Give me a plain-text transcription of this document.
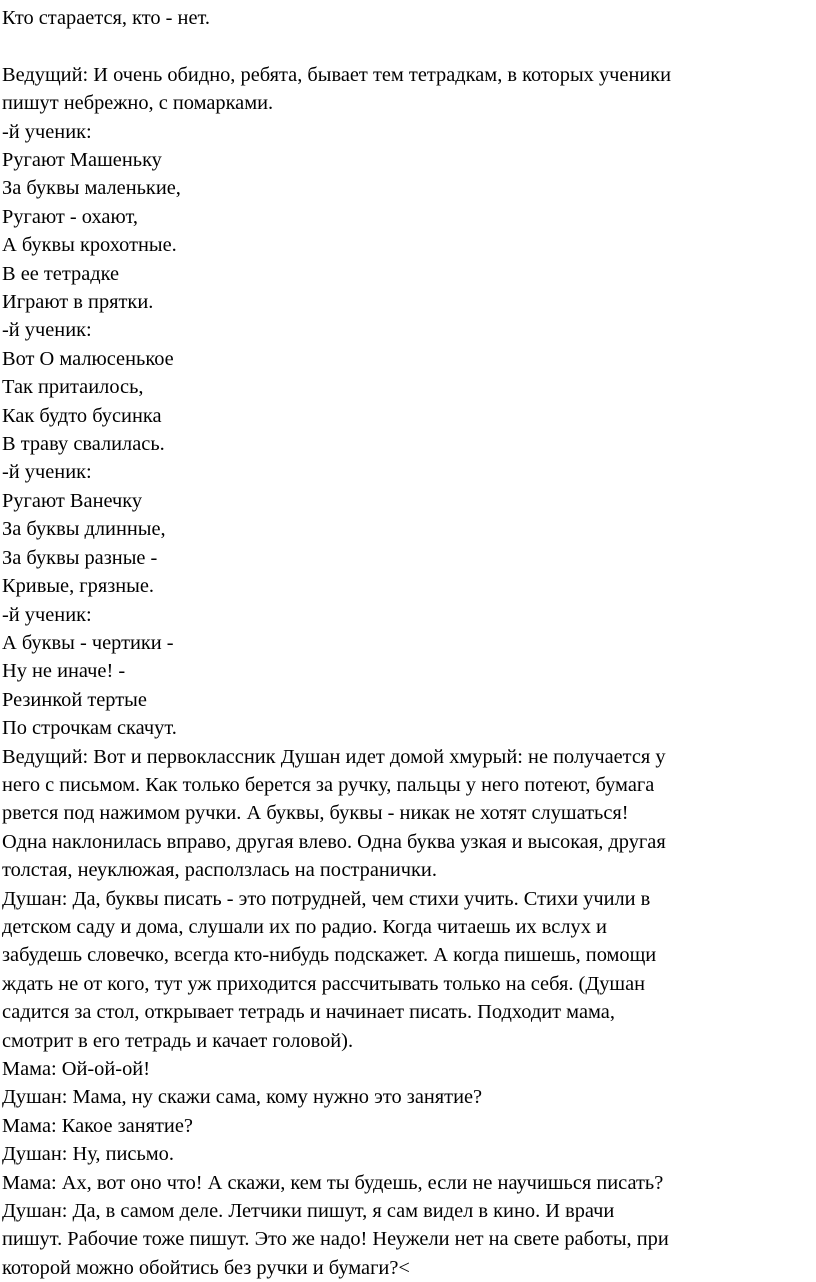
Кто старается, кто - нет.
Ведущий: И очень обидно, ребята, бывает тем тетрадкам, в которых ученики
пишут небрежно, с помарками.
-й ученик:
Ругают Машеньку
За буквы маленькие,
Ругают - охают,
А буквы крохотные.
В ее тетрадке
Играют в прятки.
-й ученик:
Вот О малюсенькое
Так притаилось,
Как будто бусинка
В траву свалилась.
-й ученик:
Ругают Ванечку
За буквы длинные,
За буквы разные -
Кривые, грязные.
-й ученик:
А буквы - чертики -
Ну не иначе! -
Резинкой тертые
По строчкам скачут.
Ведущий: Вот и первоклассник Душан идет домой хмурый: не получается у
него с письмом. Как только берется за ручку, пальцы у него потеют, бумага
рвется под нажимом ручки. А буквы, буквы - никак не хотят слушаться!
Одна наклонилась вправо, другая влево. Одна буква узкая и высокая, другая
толстая, неуклюжая, расползлась на постранички.
Душан: Да, буквы писать - это потрудней, чем стихи учить. Стихи учили в
детском саду и дома, слушали их по радио. Когда читаешь их вслух и
забудешь словечко, всегда кто-нибудь подскажет. А когда пишешь, помощи
ждать не от кого, тут уж приходится рассчитывать только на себя. (Душан
садится за стол, открывает тетрадь и начинает писать. Подходит мама,
смотрит в его тетрадь и качает головой).
Мама: Ой-ой-ой!
Душан: Мама, ну скажи сама, кому нужно это занятие?
Мама: Какое занятие?
Душан: Ну, письмо.
Мама: Ах, вот оно что! А скажи, кем ты будешь, если не научишься писать?
Душан: Да, в самом деле. Летчики пишут, я сам видел в кино. И врачи
пишут. Рабочие тоже пишут. Это же надо! Неужели нет на свете работы, при
которой можно обойтись без ручки и бумаги?<
